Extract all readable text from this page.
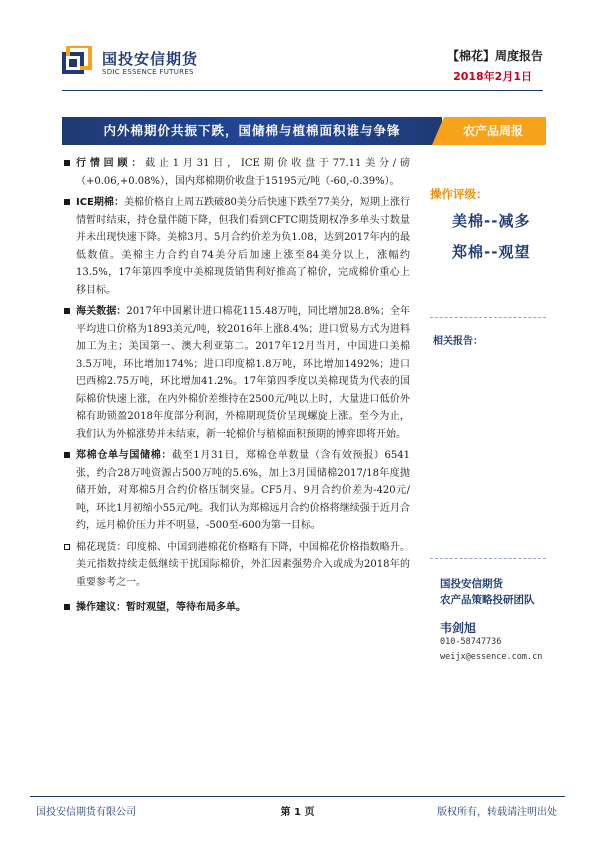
国投安信期货
SDIC ESSENCE FUTURES
【棉花】周度报告
2018年2月1日
内外棉期价共振下跌，国储棉与植棉面积谁与争锋	农产品周报
行情回顾：截止1月31日，ICE期价收盘于77.11美分/磅（+0.06,+0.08%），国内郑棉期价收盘于15195元/吨（-60,-0.39%）。
ICE期棉：美棉价格自上周五跌破80美分后快速下跌至77美分，短期上涨行情暂时结束，持仓量伴随下降，但我们看到CFTC期货期权净多单头寸数量并未出现快速下降。美棉3月、5月合约价差为负1.08，达到2017年内的最低数值。美棉主力合约自74美分后加速上涨至84美分以上，涨幅约13.5%，17年第四季度中美棉现货销售利好推高了棉价，完成棉价重心上移目标。
海关数据：2017年中国累计进口棉花115.48万吨，同比增加28.8%；全年平均进口价格为1893美元/吨，较2016年上涨8.4%；进口贸易方式为进料加工为主；美国第一、澳大利亚第二。2017年12月当月，中国进口美棉3.5万吨，环比增加174%；进口印度棉1.8万吨，环比增加1492%；进口巴西棉2.75万吨，环比增加41.2%。17年第四季度以美棉现货为代表的国际棉价快速上涨，在内外棉价差维持在2500元/吨以上时，大量进口低价外棉有助锁盈2018年度部分利润，外棉期现货价呈现螺旋上涨。至今为止，我们认为外棉涨势并未结束，新一轮棉价与植棉面积预期的博弈即将开始。
郑棉仓单与国储棉：截至1月31日，郑棉仓单数量（含有效预报）6541张，约合28万吨资源占500万吨的5.6%，加上3月国储棉2017/18年度抛储开始，对郑棉5月合约价格压制突显。CF5月、9月合约价差为-420元/吨，环比1月初缩小55元/吨。我们认为郑棉远月合约价格将继续强于近月合约，远月棉价压力并不明显，-500至-600为第一目标。
棉花现货：印度棉、中国到港棉花价格略有下降，中国棉花价格指数略升。美元指数持续走低继续干扰国际棉价，外汇因素强势介入或成为2018年的重要参考之一。
操作建议：暂时观望，等待布局多单。
操作评级：
美棉--减多
郑棉--观望
相关报告：
国投安信期货
农产品策略投研团队
韦剑旭
010-58747736
weijx@essence.com.cn
国投安信期货有限公司	第 1 页	版权所有，转载请注明出处
